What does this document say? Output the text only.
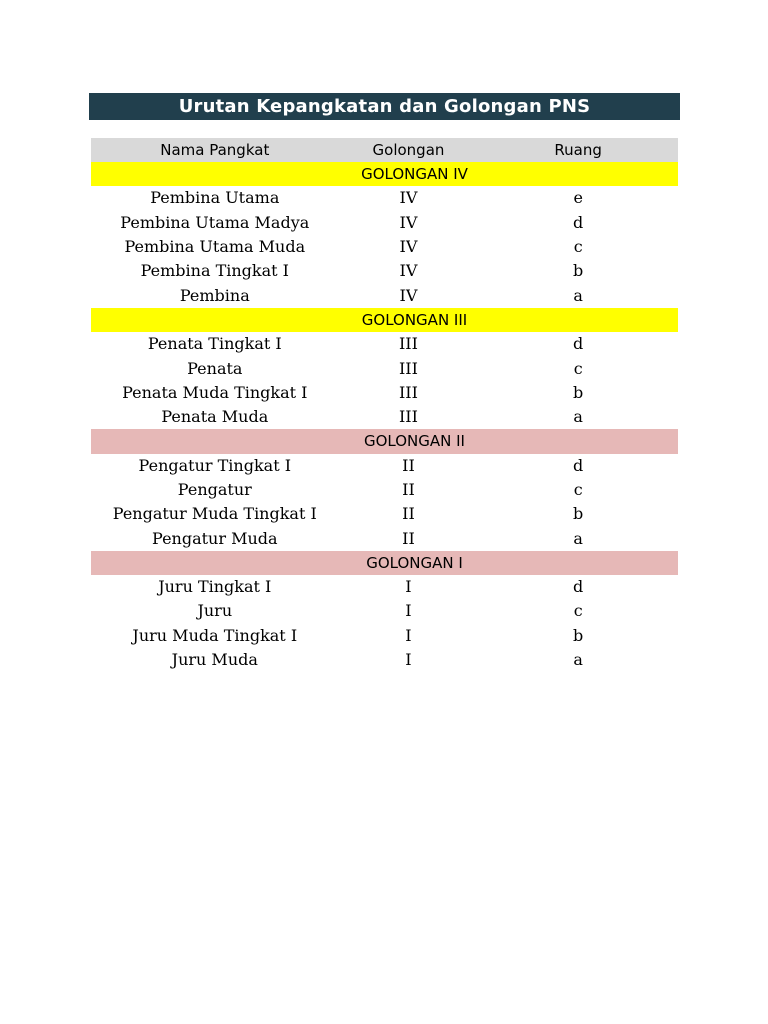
Urutan Kepangkatan dan Golongan PNS
Nama Pangkat	Golongan	Ruang
GOLONGAN IV
Pembina Utama	IV	e
Pembina Utama Madya	IV	d
Pembina Utama Muda	IV	c
Pembina Tingkat I	IV	b
Pembina	IV	a
GOLONGAN III
Penata Tingkat I	III	d
Penata	III	c
Penata Muda Tingkat I	III	b
Penata Muda	III	a
GOLONGAN II
Pengatur Tingkat I	II	d
Pengatur	II	c
Pengatur Muda Tingkat I	II	b
Pengatur Muda	II	a
GOLONGAN I
Juru Tingkat I	I	d
Juru	I	c
Juru Muda Tingkat I	I	b
Juru Muda	I	a
